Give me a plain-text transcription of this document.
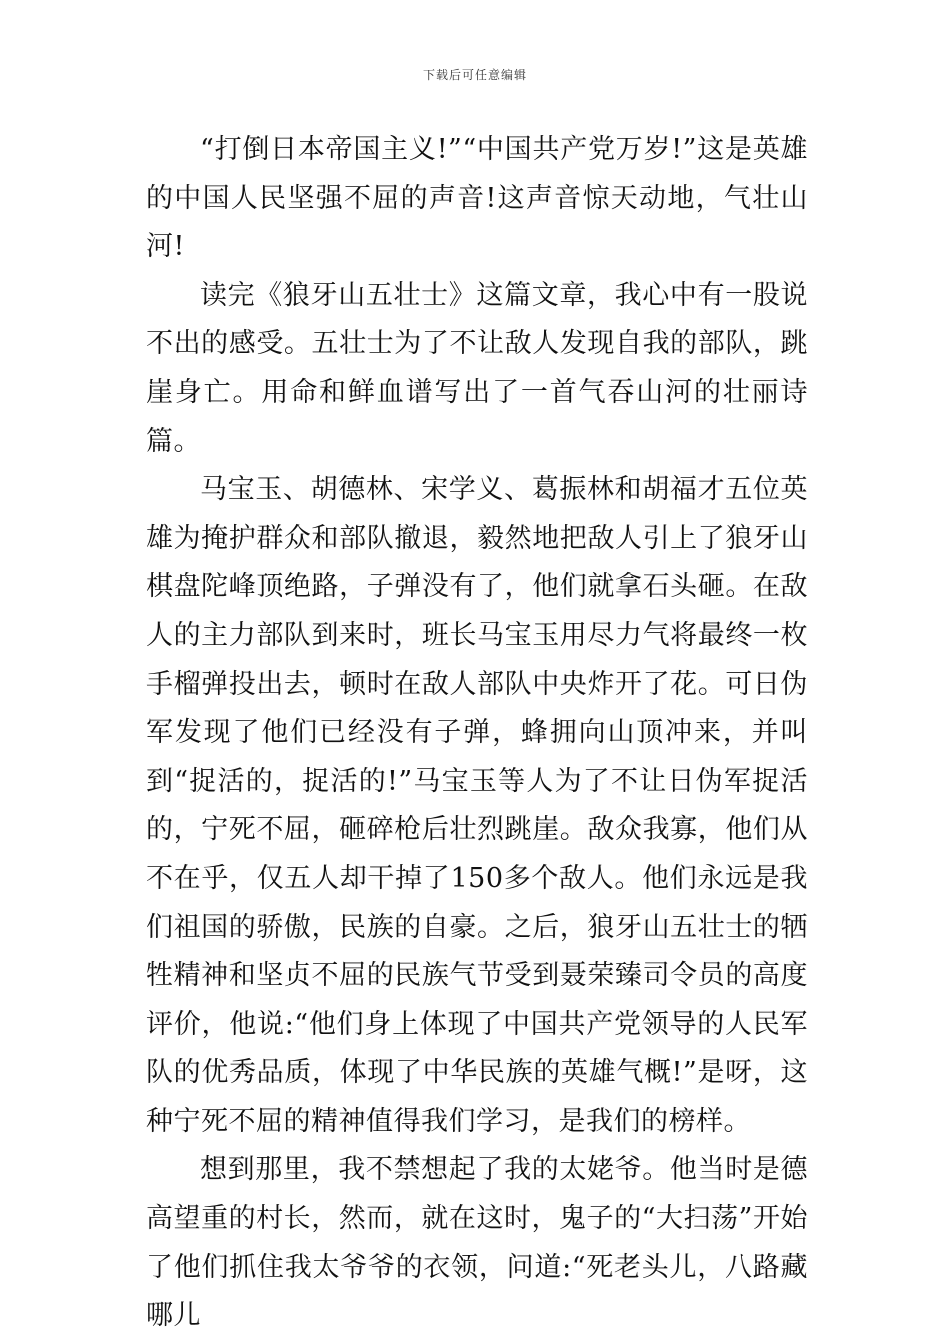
下载后可任意编辑

“打倒日本帝国主义!”“中国共产党万岁!”这是英雄的中国人民坚强不屈的声音!这声音惊天动地，气壮山河!

读完《狼牙山五壮士》这篇文章，我心中有一股说不出的感受。五壮士为了不让敌人发现自我的部队，跳崖身亡。用命和鲜血谱写出了一首气吞山河的壮丽诗篇。

马宝玉、胡德林、宋学义、葛振林和胡福才五位英雄为掩护群众和部队撤退，毅然地把敌人引上了狼牙山棋盘陀峰顶绝路，子弹没有了，他们就拿石头砸。在敌人的主力部队到来时，班长马宝玉用尽力气将最终一枚手榴弹投出去，顿时在敌人部队中央炸开了花。可日伪军发现了他们已经没有子弹，蜂拥向山顶冲来，并叫到“捉活的，捉活的!”马宝玉等人为了不让日伪军捉活的，宁死不屈，砸碎枪后壮烈跳崖。敌众我寡，他们从不在乎，仅五人却干掉了150多个敌人。他们永远是我们祖国的骄傲，民族的自豪。之后，狼牙山五壮士的牺牲精神和坚贞不屈的民族气节受到聂荣臻司令员的高度评价，他说:“他们身上体现了中国共产党领导的人民军队的优秀品质，体现了中华民族的英雄气概!”是呀，这种宁死不屈的精神值得我们学习，是我们的榜样。

想到那里，我不禁想起了我的太姥爷。他当时是德高望重的村长，然而，就在这时，鬼子的“大扫荡”开始了他们抓住我太爷爷的衣领，问道:“死老头儿，八路藏哪儿
